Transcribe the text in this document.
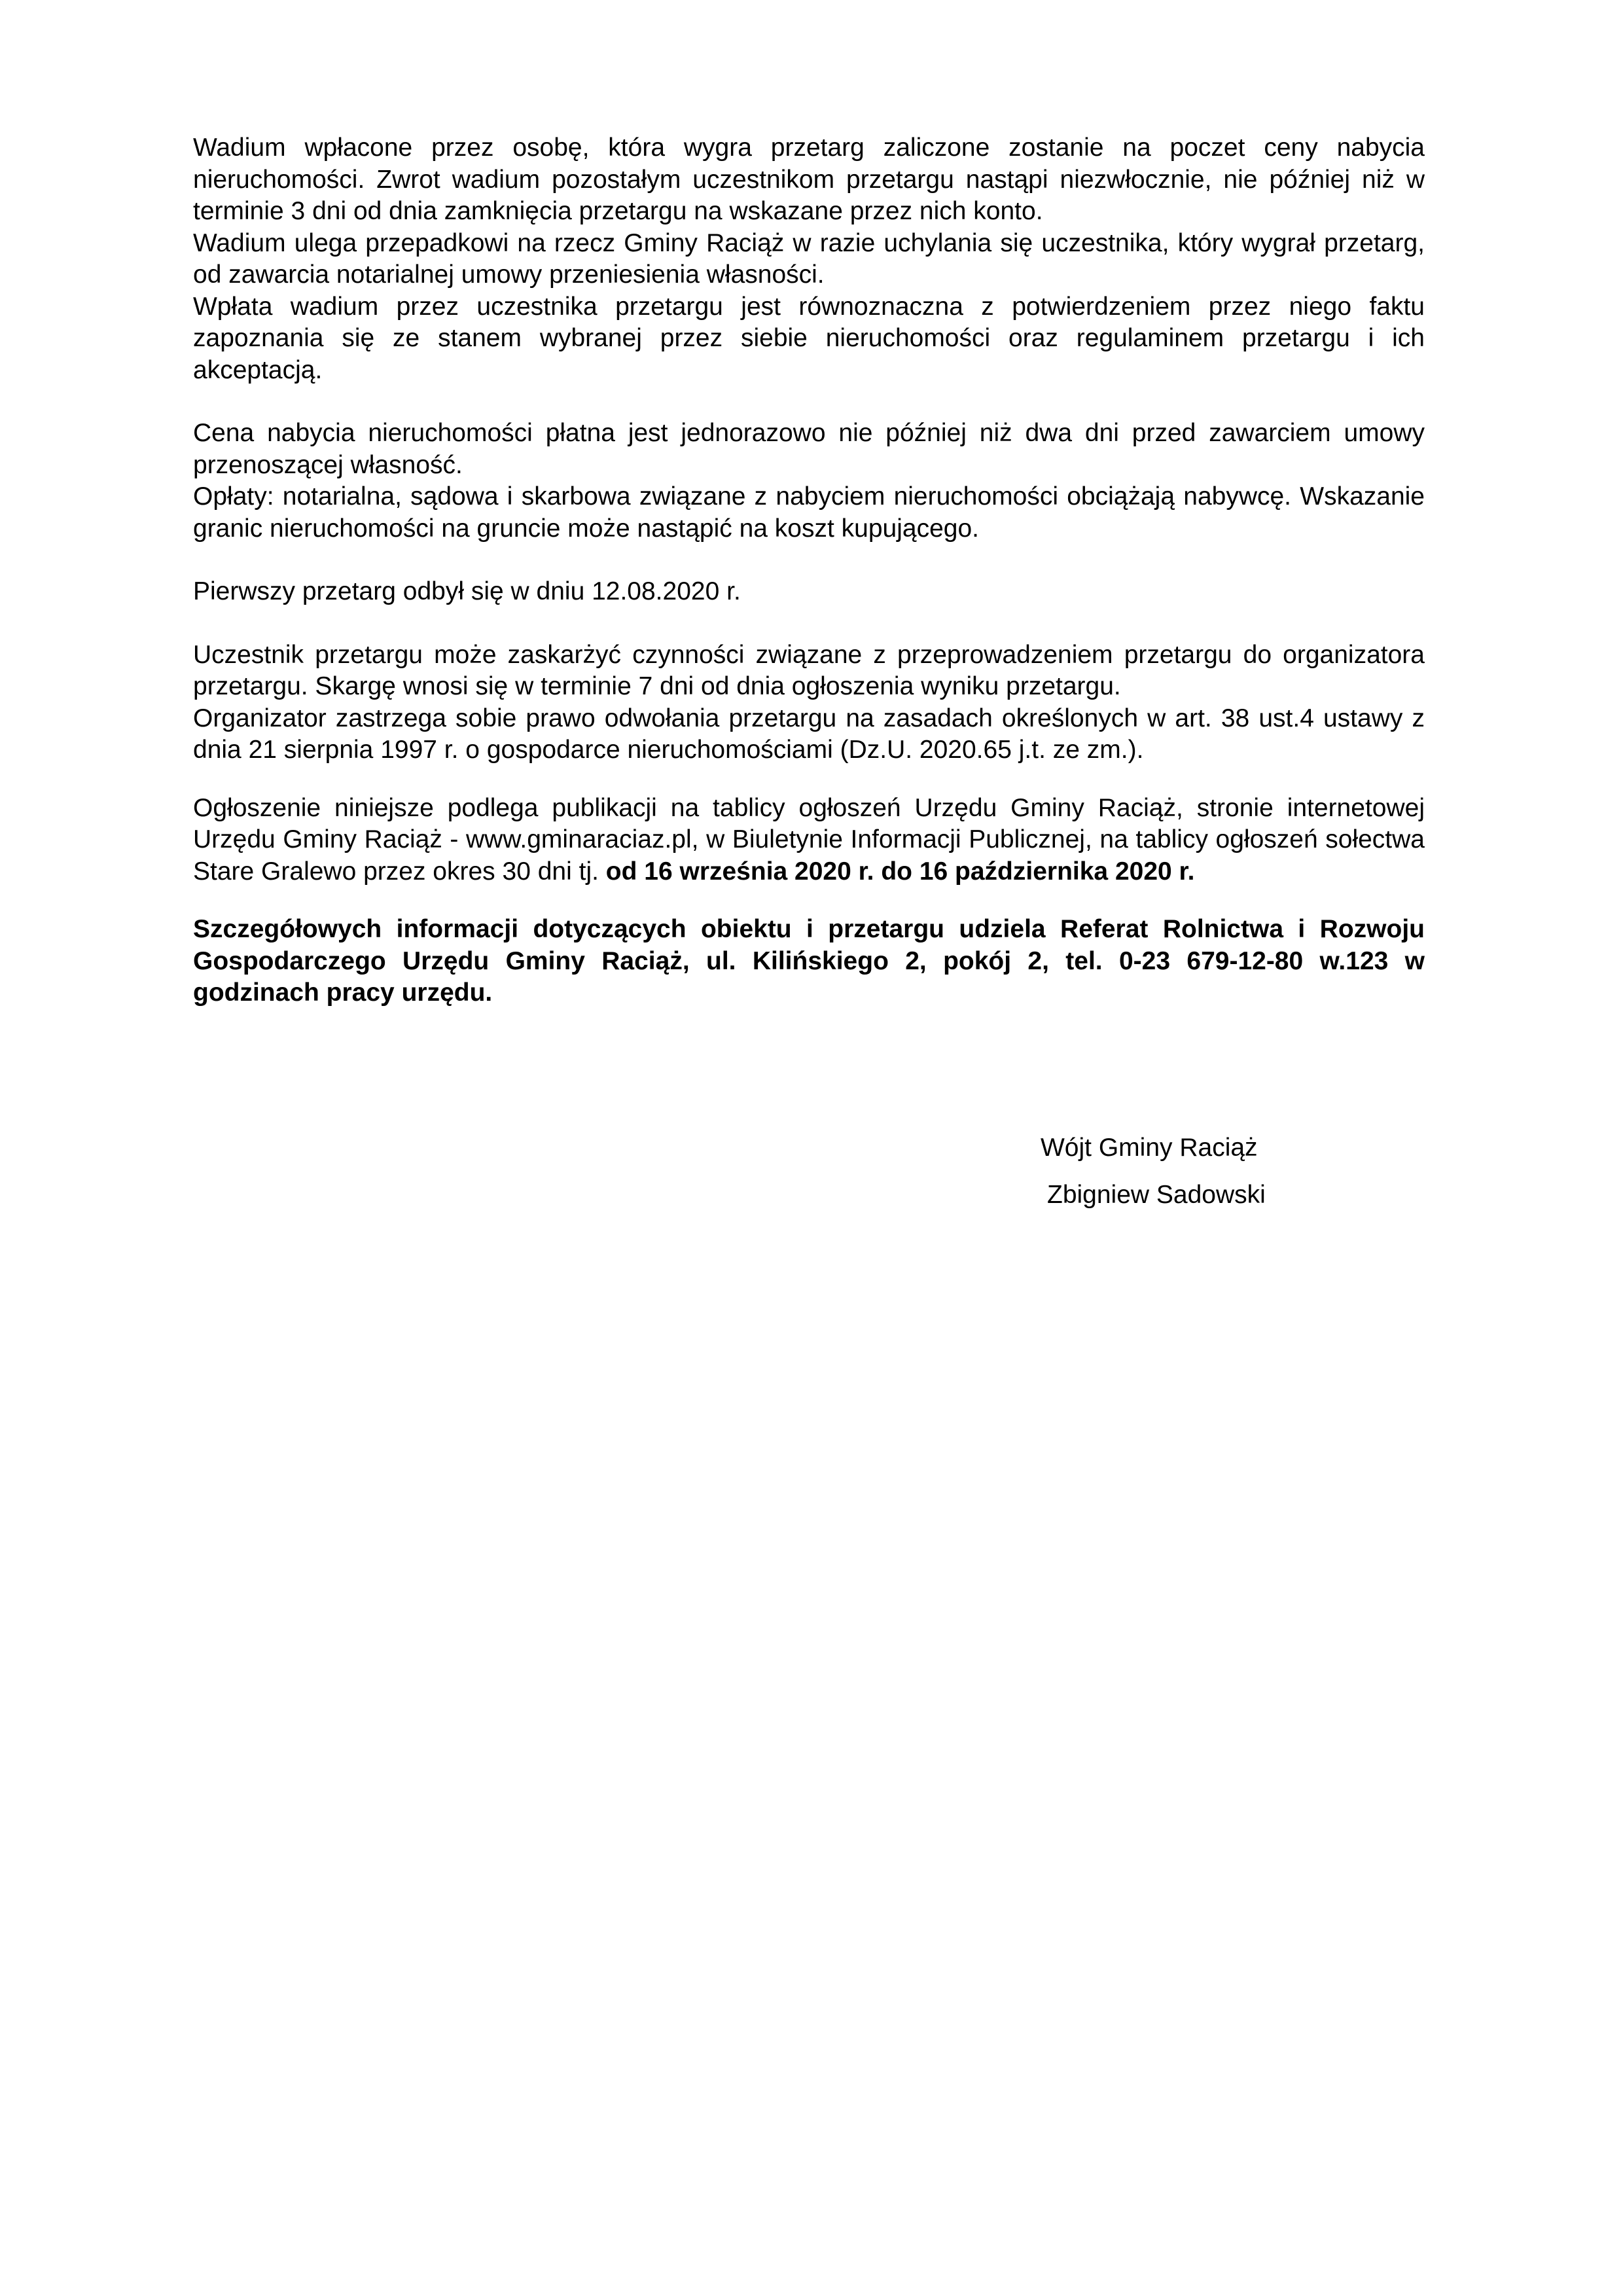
Wadium wpłacone przez osobę, która wygra przetarg zaliczone zostanie na poczet ceny nabycia nieruchomości. Zwrot wadium pozostałym uczestnikom przetargu nastąpi niezwłocznie, nie później niż w terminie 3 dni od dnia zamknięcia przetargu na wskazane przez nich konto.

Wadium ulega przepadkowi na rzecz Gminy Raciąż w razie uchylania się uczestnika, który wygrał przetarg, od zawarcia notarialnej umowy przeniesienia własności.

Wpłata wadium przez uczestnika przetargu jest równoznaczna z potwierdzeniem przez niego faktu zapoznania się ze stanem wybranej przez siebie nieruchomości oraz regulaminem przetargu i ich akceptacją.

Cena nabycia nieruchomości płatna jest jednorazowo nie później niż dwa dni przed zawarciem umowy przenoszącej własność.

Opłaty: notarialna, sądowa i skarbowa związane z nabyciem nieruchomości obciążają nabywcę. Wskazanie granic nieruchomości na gruncie może nastąpić na koszt kupującego.

Pierwszy przetarg odbył się w dniu 12.08.2020 r.

Uczestnik przetargu może zaskarżyć czynności związane z przeprowadzeniem przetargu do organizatora przetargu. Skargę wnosi się w terminie 7 dni od dnia ogłoszenia wyniku przetargu.

Organizator zastrzega sobie prawo odwołania przetargu na zasadach określonych w art. 38 ust.4 ustawy z dnia 21 sierpnia 1997 r. o gospodarce nieruchomościami (Dz.U. 2020.65 j.t. ze zm.).

Ogłoszenie niniejsze podlega publikacji na tablicy ogłoszeń Urzędu Gminy Raciąż, stronie internetowej Urzędu Gminy Raciąż - www.gminaraciaz.pl, w Biuletynie Informacji Publicznej, na tablicy ogłoszeń sołectwa Stare Gralewo przez okres 30 dni tj. od 16 września 2020 r. do 16 października 2020 r.

Szczegółowych informacji dotyczących obiektu i przetargu udziela Referat Rolnictwa i Rozwoju Gospodarczego Urzędu Gminy Raciąż, ul. Kilińskiego 2, pokój 2, tel. 0-23 679-12-80 w.123 w godzinach pracy urzędu.

Wójt Gminy Raciąż

Zbigniew Sadowski
